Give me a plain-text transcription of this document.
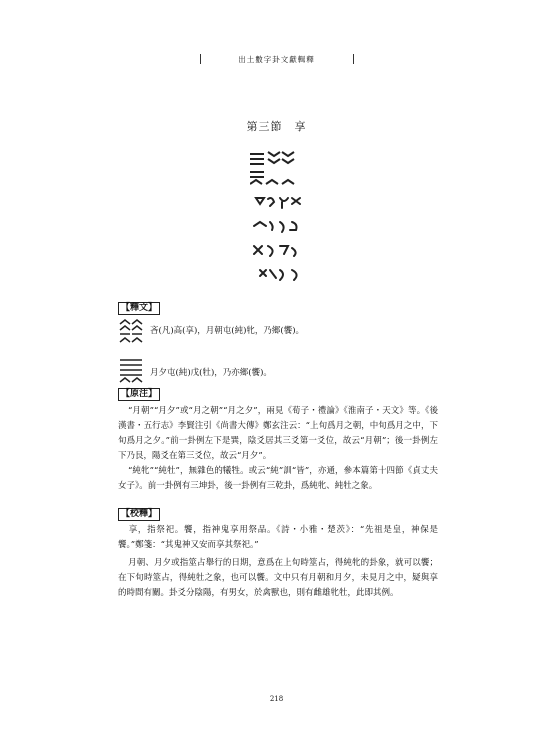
出土數字卦文獻輯釋
第三節　享
【釋文】
吝(凡)高(享)，月朝屯(純)牝，乃鄉(饗)。
月夕屯(純)戊(牡)，乃亦鄉(饗)。
【原注】
“月朝”“月夕”或“月之朝”“月之夕”，兩見《荀子・禮論》《淮南子・天文》等。《後漢書・五行志》李賢注引《尚書大傳》鄭玄注云：“上旬爲月之朝，中旬爲月之中，下旬爲月之夕。”前一卦例左下是巽，陰爻居其三爻第一爻位，故云“月朝”；後一卦例左下乃艮，陽爻在第三爻位，故云“月夕”。
“純牝”“純牡”，無雜色的犧牲。或云“純”訓“皆”，亦通，參本篇第十四節《貞丈夫女子》。前一卦例有三坤卦，後一卦例有三乾卦，爲純牝、純牡之象。
【校釋】
享，指祭祀。饗，指神鬼享用祭品。《詩・小雅・楚茨》：“先祖是皇，神保是饗。”鄭箋：“其鬼神又安而享其祭祀。”
月朝、月夕或指筮占舉行的日期，意爲在上旬時筮占，得純牝的卦象，就可以饗；在下旬時筮占，得純牡之象，也可以饗。文中只有月朝和月夕，未見月之中，疑與享的時間有關。卦爻分陰陽，有男女，於禽獸也，則有雌雄牝牡，此即其例。
218
